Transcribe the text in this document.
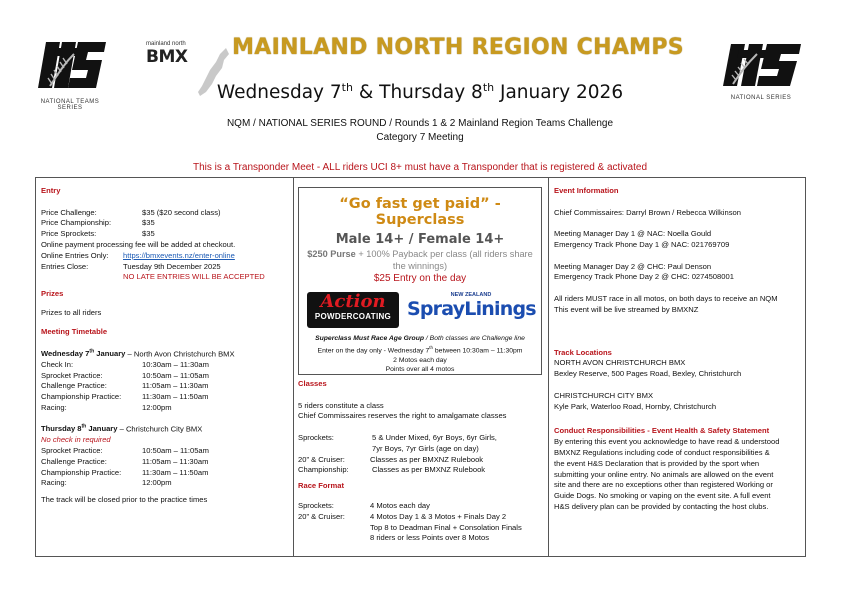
NATIONAL TEAMS SERIES
mainland north
BMX
NATIONAL SERIES
MAINLAND NORTH REGION CHAMPS
Wednesday 7th & Thursday 8th January 2026
NQM / NATIONAL SERIES ROUND / Rounds 1 & 2 Mainland Region Teams Challenge
Category 7 Meeting
This is a Transponder Meet - ALL riders UCI 8+ must have a Transponder that is registered & activated

Entry

Price Challenge:	$35 ($20 second class)

Price Championship:	$35

Price Sprockets:	$35

Online payment processing fee will be added at checkout.

Online Entries Only: https://bmxevents.nz/enter-online

Entries Close:	Tuesday 9th December 2025

NO LATE ENTRIES WILL BE ACCEPTED

Prizes

Prizes to all riders

Meeting Timetable

Wednesday 7th January – North Avon Christchurch BMX

Check In:	10:30am – 11:30am

Sprocket Practice:	10:50am – 11:05am

Challenge Practice:	11:05am – 11:30am

Championship Practice:	11:30am – 11:50am

Racing:	12:00pm

Thursday 8th January – Christchurch City BMX

No check in required

Sprocket Practice:	10:50am – 11:05am

Challenge Practice:	11:05am – 11:30am

Championship Practice:	11:30am – 11:50am

Racing:	12:00pm

The track will be closed prior to the practice times

“Go fast get paid” - Superclass
Male 14+ / Female 14+
$250 Purse + 100% Payback per class (all riders share the winnings)
$25 Entry on the day
Action
POWDERCOATING
NEW ZEALAND
SprayLinings
Superclass Must Race Age Group / Both classes are Challenge line
Enter on the day only - Wednesday 7th between 10:30am – 11:30pm
2 Motos each day
Points over all 4 motos

Classes

5 riders constitute a class

Chief Commissaires reserves the right to amalgamate classes

Sprockets:	5 & Under Mixed, 6yr Boys, 6yr Girls,

7yr Boys, 7yr Girls (age on day)

20” & Cruiser:	Classes as per BMXNZ Rulebook

Championship:	Classes as per BMXNZ Rulebook

Race Format

Sprockets:	4 Motos each day

20” & Cruiser:	4 Motos Day 1 & 3 Motos + Finals Day 2

Top 8 to Deadman Final + Consolation Finals

8 riders or less Points over 8 Motos

Event Information

Chief Commissaires: Darryl Brown / Rebecca Wilkinson

Meeting Manager Day 1 @ NAC: Noella Gould

Emergency Track Phone Day 1 @ NAC: 021769709

Meeting Manager Day 2 @ CHC: Paul Denson

Emergency Track Phone Day 2 @ CHC: 0274508001

All riders MUST race in all motos, on both days to receive an NQM

This event will be live streamed by BMXNZ

Track Locations

NORTH AVON CHRISTCHURCH BMX

Bexley Reserve, 500 Pages Road, Bexley, Christchurch

CHRISTCHURCH CITY BMX

Kyle Park, Waterloo Road, Hornby, Christchurch

Conduct Responsibilities - Event Health & Safety Statement

By entering this event you acknowledge to have read & understood

BMXNZ Regulations including code of conduct responsibilities &

the event H&S Declaration that is provided by the sport when

submitting your online entry. No animals are allowed on the event

site and there are no exceptions other than registered Working or

Guide Dogs. No smoking or vaping on the event site. A full event

H&S delivery plan can be provided by contacting the host clubs.
